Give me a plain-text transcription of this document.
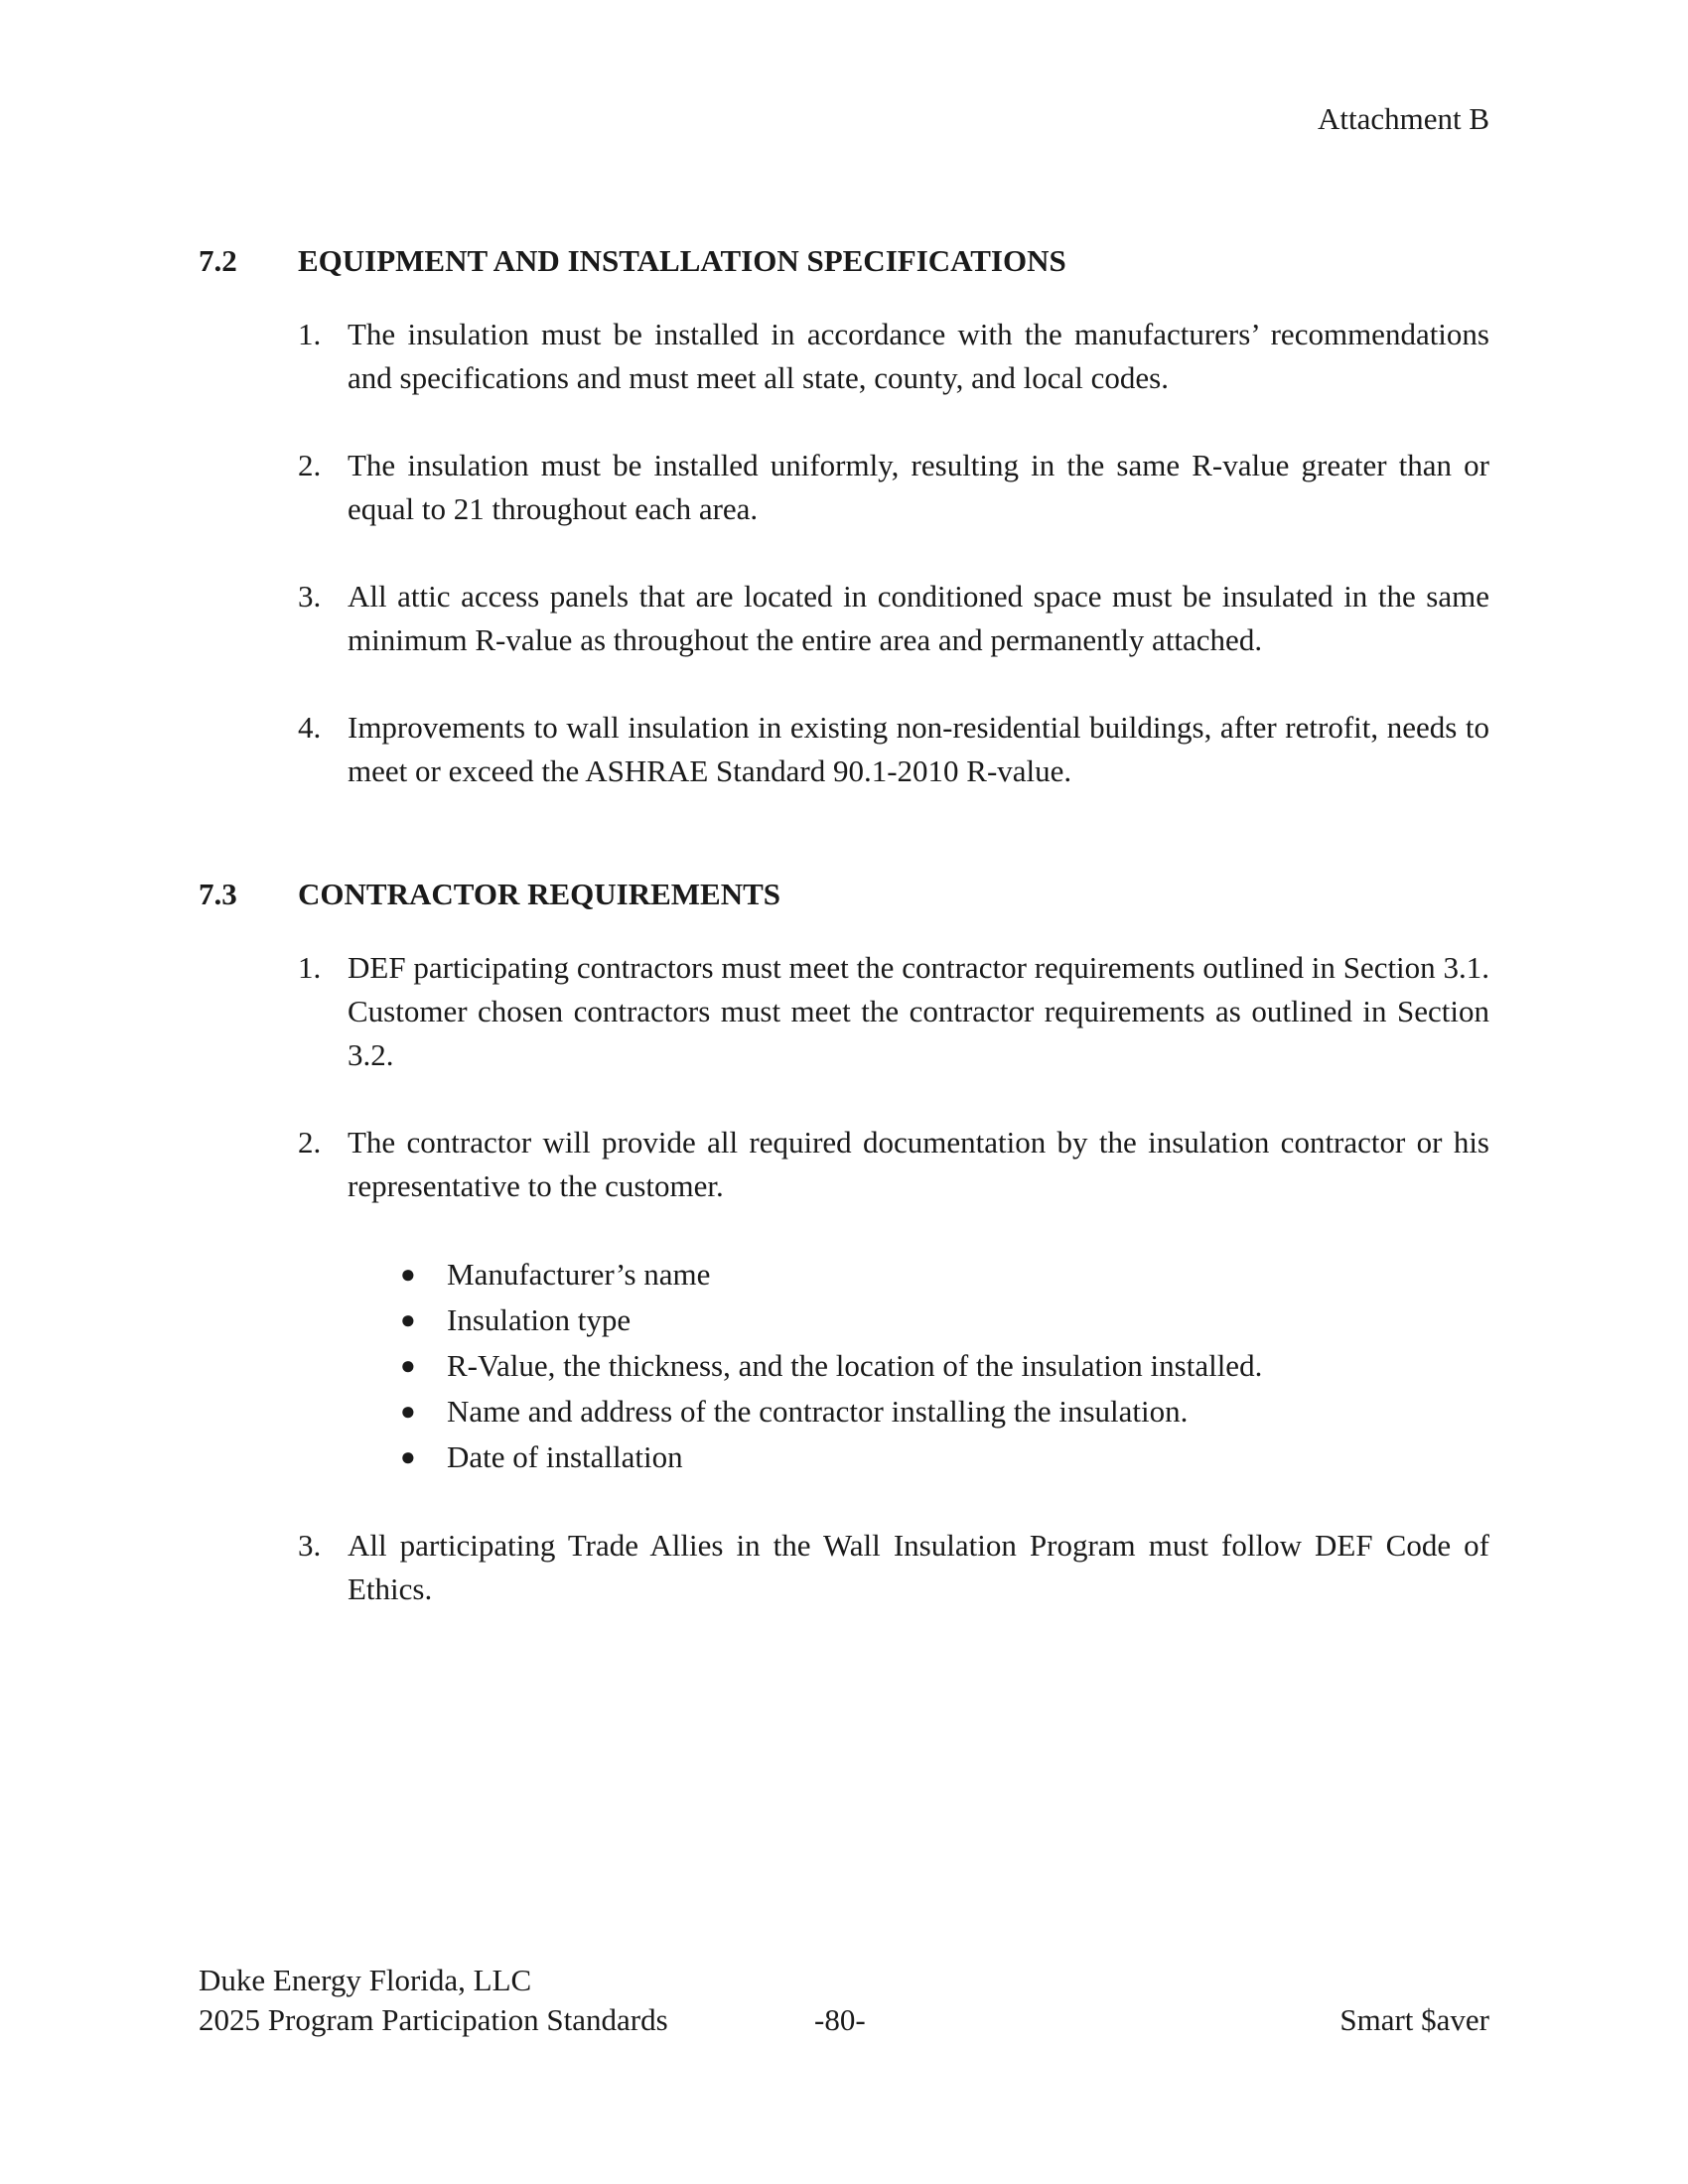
Attachment B
7.2	EQUIPMENT AND INSTALLATION SPECIFICATIONS
1. The insulation must be installed in accordance with the manufacturers’ recommendations and specifications and must meet all state, county, and local codes.
2. The insulation must be installed uniformly, resulting in the same R-value greater than or equal to 21 throughout each area.
3. All attic access panels that are located in conditioned space must be insulated in the same minimum R-value as throughout the entire area and permanently attached.
4. Improvements to wall insulation in existing non-residential buildings, after retrofit, needs to meet or exceed the ASHRAE Standard 90.1-2010 R-value.
7.3	CONTRACTOR REQUIREMENTS
1. DEF participating contractors must meet the contractor requirements outlined in Section 3.1. Customer chosen contractors must meet the contractor requirements as outlined in Section 3.2.
2. The contractor will provide all required documentation by the insulation contractor or his representative to the customer.
● Manufacturer’s name
● Insulation type
● R-Value, the thickness, and the location of the insulation installed.
● Name and address of the contractor installing the insulation.
● Date of installation
3. All participating Trade Allies in the Wall Insulation Program must follow DEF Code of Ethics.
Duke Energy Florida, LLC
2025 Program Participation Standards	-80-	Smart $aver
